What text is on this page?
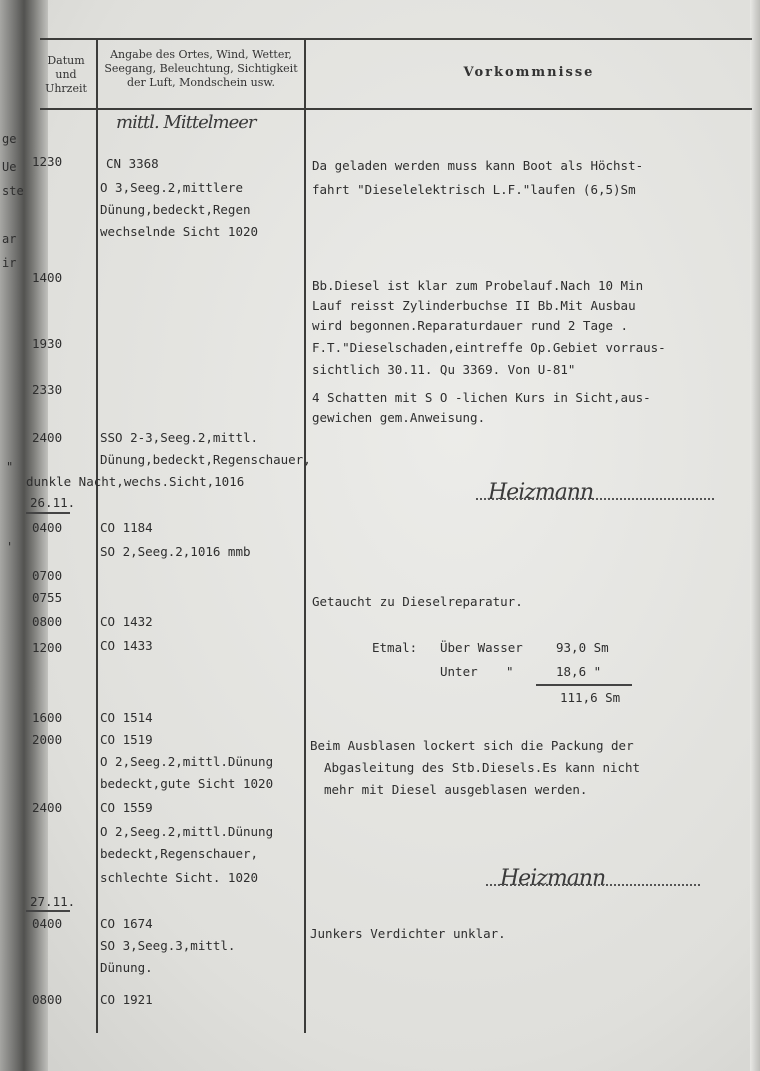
Datum und Uhrzeit
Angabe des Ortes, Wind, Wetter,
Seegang, Beleuchtung, Sichtigkeit
der Luft, Mondschein usw.
Vorkommnisse
mittl. Mittelmeer
Heizmann
Heizmann
ge
Ue
ste
ar
ir
"
'
1230
1400
1930
2330
2400
26.11.
0400
0700
0755
0800
1200
1600
2000
2400
27.11.
0400
0800
CN 3368
O 3,Seeg.2,mittlere
Dünung,bedeckt,Regen
wechselnde Sicht 1020
SSO 2-3,Seeg.2,mittl.
Dünung,bedeckt,Regenschauer,
dunkle Nacht,wechs.Sicht,1016
CO 1184
SO 2,Seeg.2,1016 mmb
CO 1432
CO 1433
CO 1514
CO 1519
O 2,Seeg.2,mittl.Dünung
bedeckt,gute Sicht 1020
CO 1559
O 2,Seeg.2,mittl.Dünung
bedeckt,Regenschauer,
schlechte Sicht. 1020
CO 1674
SO 3,Seeg.3,mittl.
Dünung.
CO 1921
Da geladen werden muss kann Boot als Höchst-
fahrt "Dieselelektrisch L.F."laufen (6,5)Sm
Bb.Diesel ist klar zum Probelauf.Nach 10 Min
Lauf reisst Zylinderbuchse II Bb.Mit Ausbau
wird begonnen.Reparaturdauer rund 2 Tage .
F.T."Dieselschaden,eintreffe Op.Gebiet vorraus-
sichtlich 30.11. Qu 3369. Von U-81"
4 Schatten mit S O -lichen Kurs in Sicht,aus-
gewichen gem.Anweisung.
Getaucht zu Dieselreparatur.
Etmal: Über Wasser	93,0 Sm
Unter "	18,6 "
111,6 Sm
Beim Ausblasen lockert sich die Packung der
Abgasleitung des Stb.Diesels.Es kann nicht
mehr mit Diesel ausgeblasen werden.
Junkers Verdichter unklar.
